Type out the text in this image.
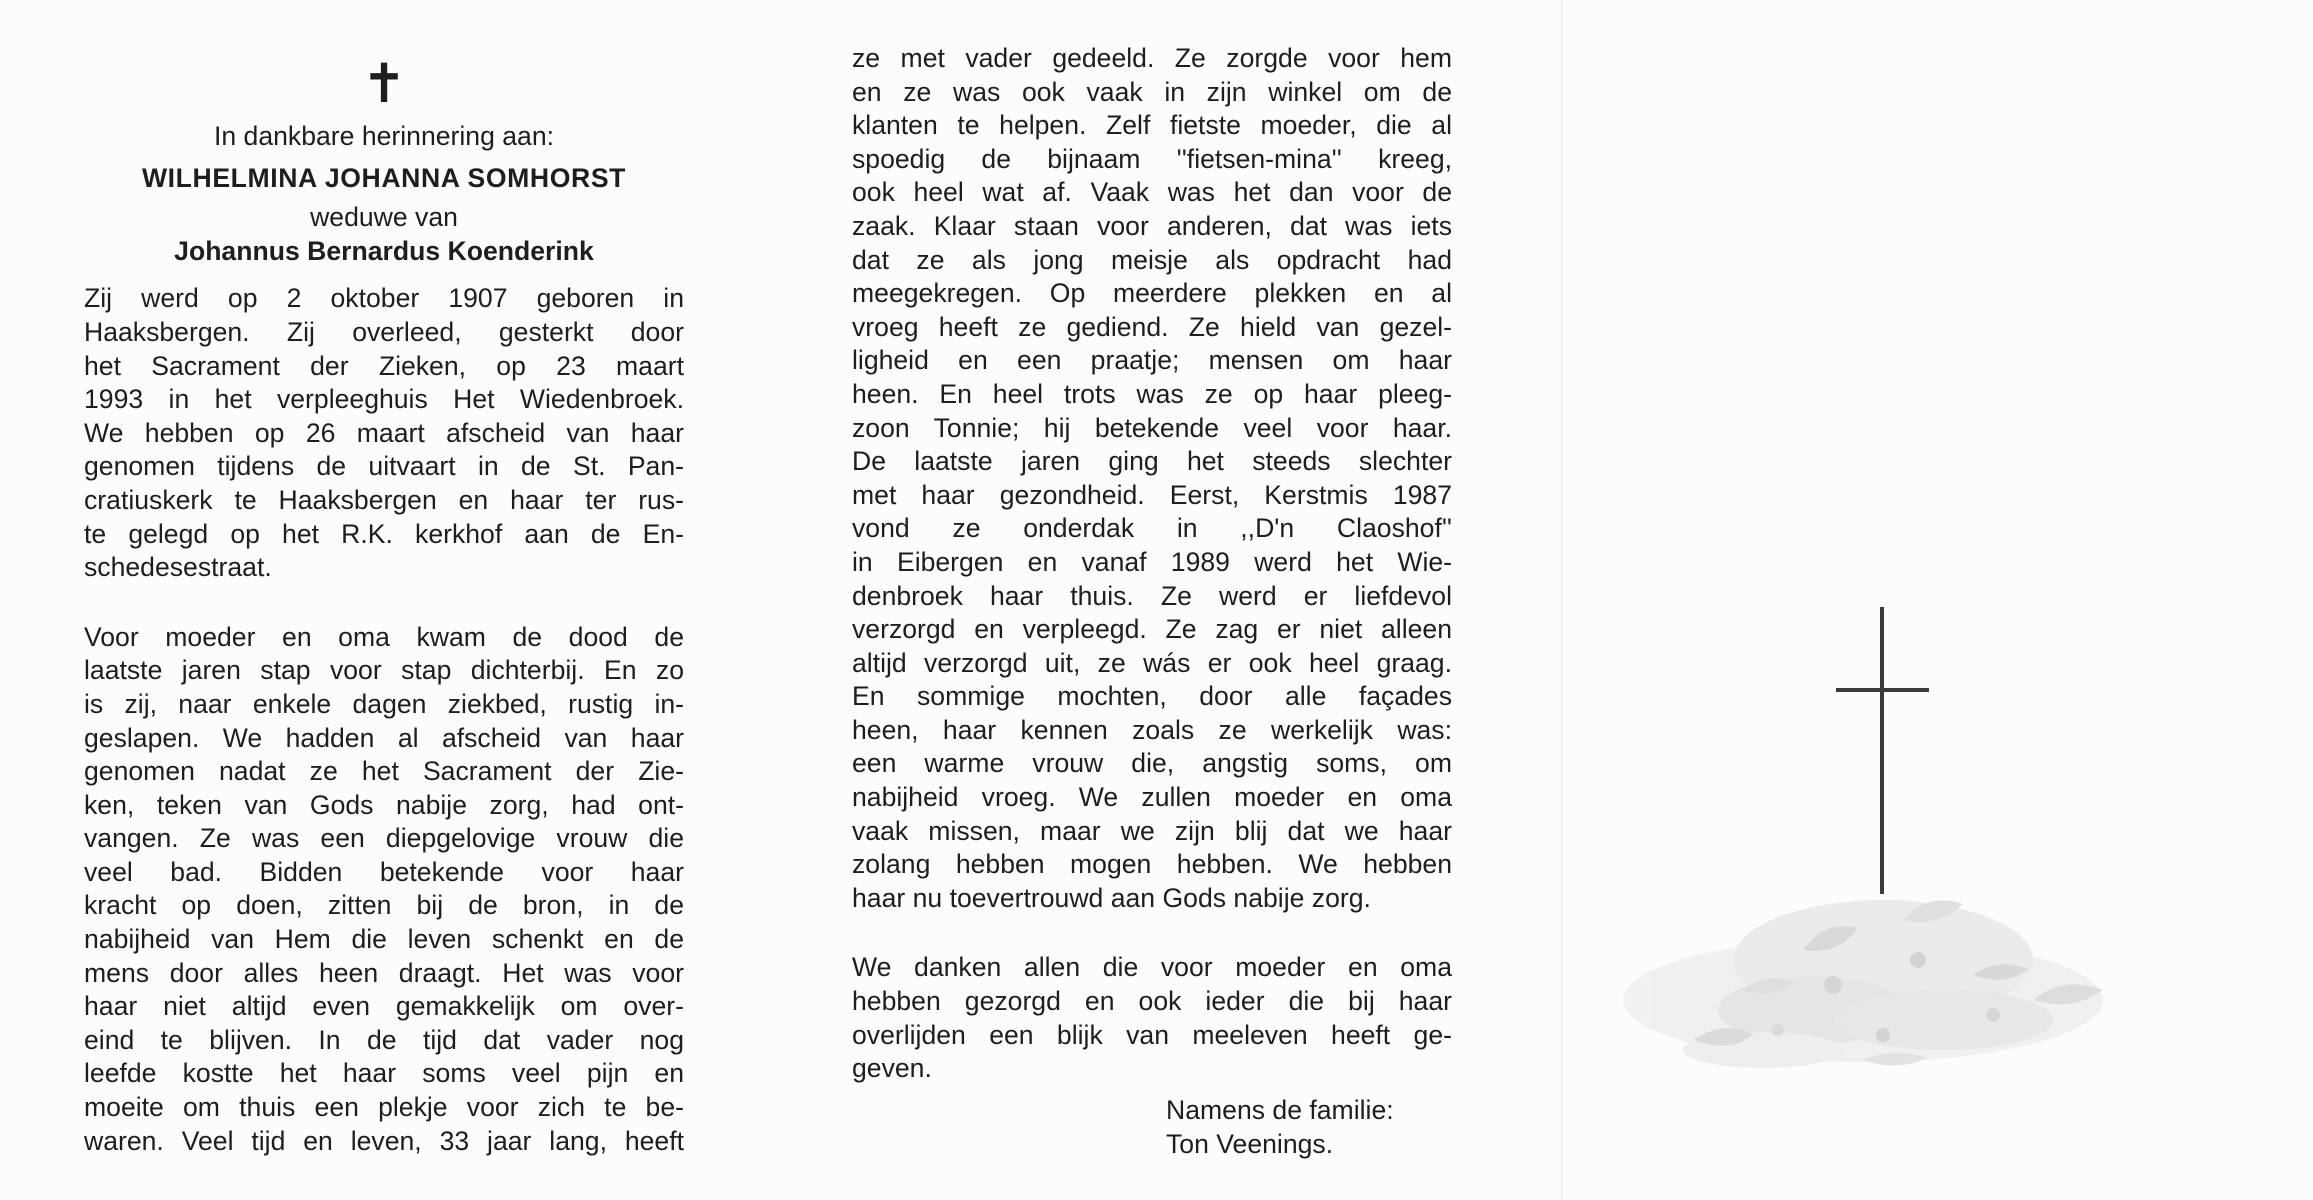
✝
In dankbare herinnering aan:
WILHELMINA JOHANNA SOMHORST
weduwe van
Johannus Bernardus Koenderink
Zij werd op 2 oktober 1907 geboren in
Haaksbergen. Zij overleed, gesterkt door
het Sacrament der Zieken, op 23 maart
1993 in het verpleeghuis Het Wiedenbroek.
We hebben op 26 maart afscheid van haar
genomen tijdens de uitvaart in de St. Pan-
cratiuskerk te Haaksbergen en haar ter rus-
te gelegd op het R.K. kerkhof aan de En-
schedesestraat.
Voor moeder en oma kwam de dood de
laatste jaren stap voor stap dichterbij. En zo
is zij, naar enkele dagen ziekbed, rustig in-
geslapen. We hadden al afscheid van haar
genomen nadat ze het Sacrament der Zie-
ken, teken van Gods nabije zorg, had ont-
vangen. Ze was een diepgelovige vrouw die
veel bad. Bidden betekende voor haar
kracht op doen, zitten bij de bron, in de
nabijheid van Hem die leven schenkt en de
mens door alles heen draagt. Het was voor
haar niet altijd even gemakkelijk om over-
eind te blijven. In de tijd dat vader nog
leefde kostte het haar soms veel pijn en
moeite om thuis een plekje voor zich te be-
waren. Veel tijd en leven, 33 jaar lang, heeft
ze met vader gedeeld. Ze zorgde voor hem
en ze was ook vaak in zijn winkel om de
klanten te helpen. Zelf fietste moeder, die al
spoedig de bijnaam ''fietsen-mina'' kreeg,
ook heel wat af. Vaak was het dan voor de
zaak. Klaar staan voor anderen, dat was iets
dat ze als jong meisje als opdracht had
meegekregen. Op meerdere plekken en al
vroeg heeft ze gediend. Ze hield van gezel-
ligheid en een praatje; mensen om haar
heen. En heel trots was ze op haar pleeg-
zoon Tonnie; hij betekende veel voor haar.
De laatste jaren ging het steeds slechter
met haar gezondheid. Eerst, Kerstmis 1987
vond ze onderdak in ,,D'n Claoshof''
in Eibergen en vanaf 1989 werd het Wie-
denbroek haar thuis. Ze werd er liefdevol
verzorgd en verpleegd. Ze zag er niet alleen
altijd verzorgd uit, ze wás er ook heel graag.
En sommige mochten, door alle façades
heen, haar kennen zoals ze werkelijk was:
een warme vrouw die, angstig soms, om
nabijheid vroeg. We zullen moeder en oma
vaak missen, maar we zijn blij dat we haar
zolang hebben mogen hebben. We hebben
haar nu toevertrouwd aan Gods nabije zorg.
We danken allen die voor moeder en oma
hebben gezorgd en ook ieder die bij haar
overlijden een blijk van meeleven heeft ge-
geven.
Namens de familie:
Ton Veenings.
